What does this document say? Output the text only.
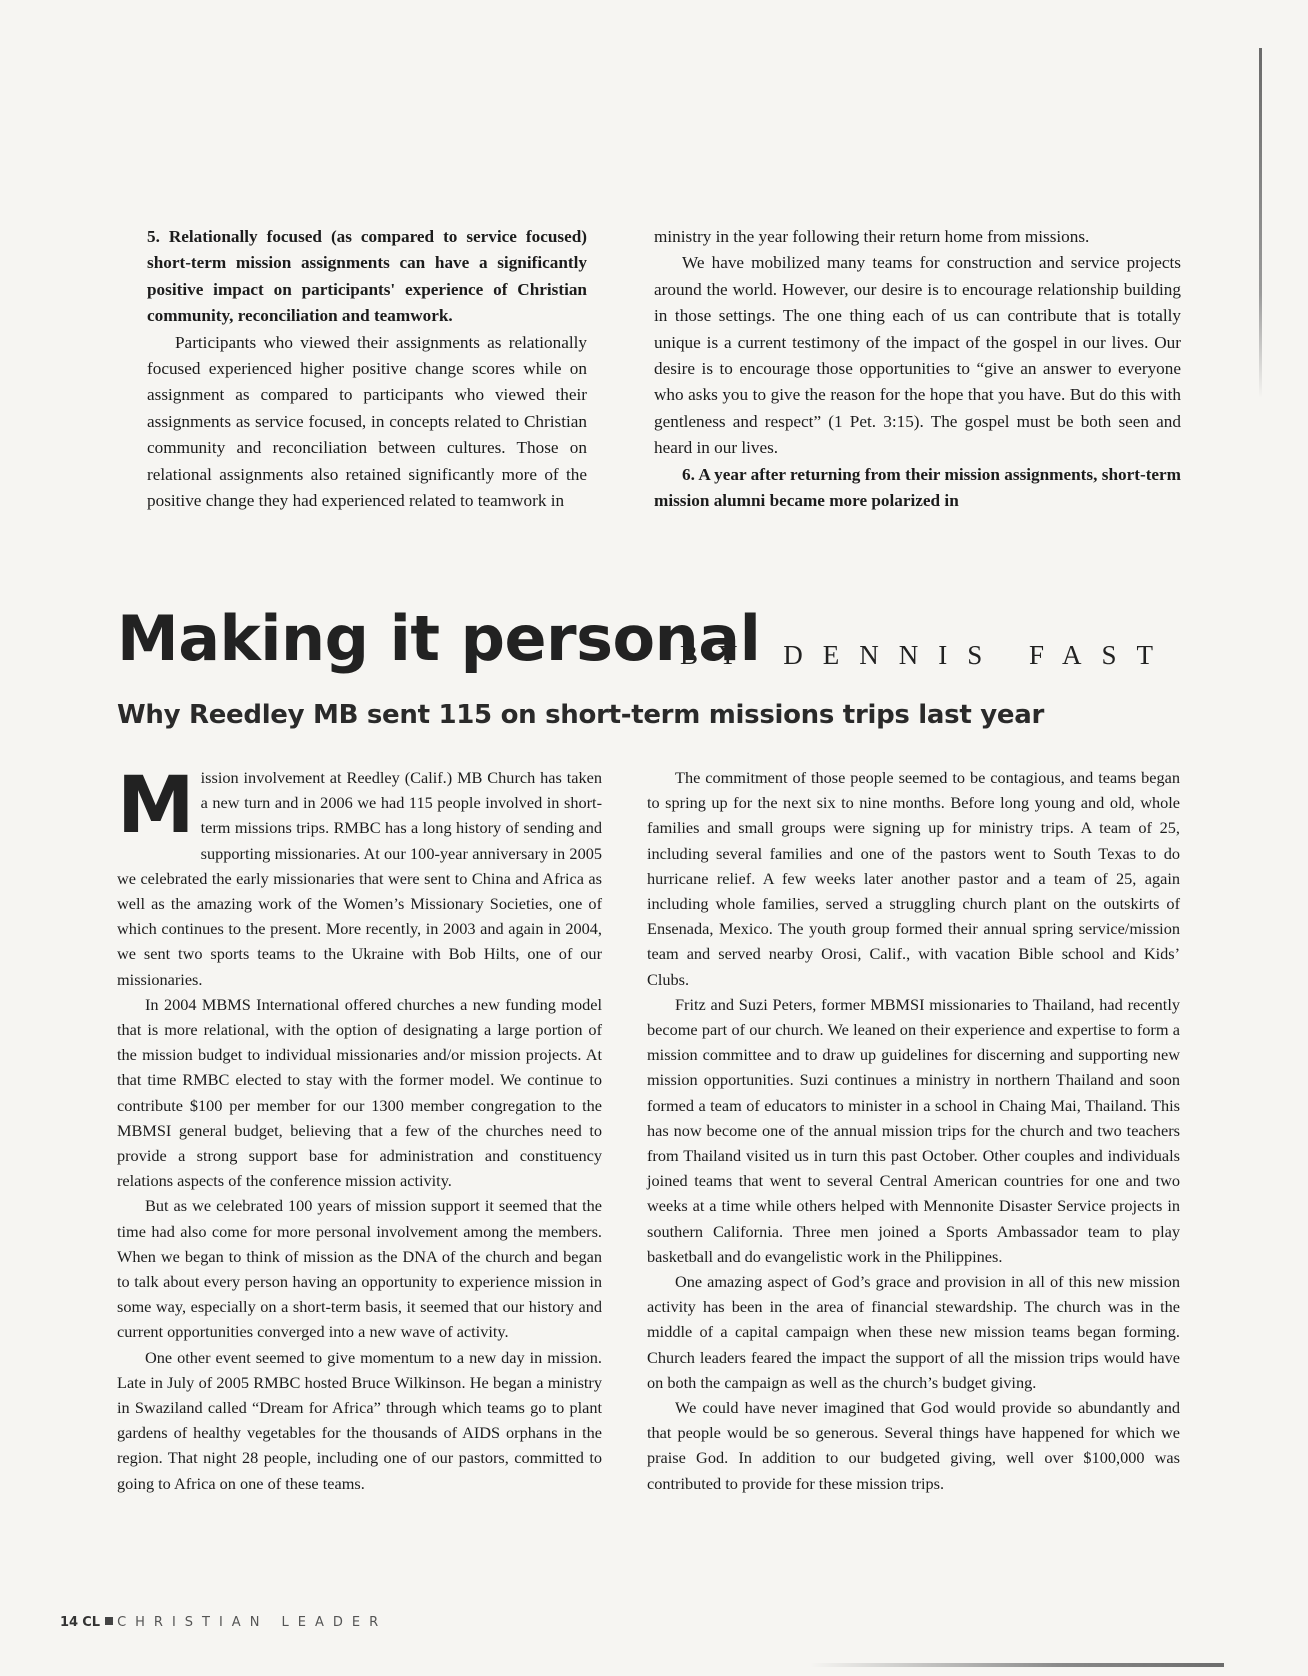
5. Relationally focused (as compared to service focused) short-term mission assignments can have a significantly positive impact on participants' experience of Christian community, reconciliation and teamwork.

Participants who viewed their assignments as relationally focused experienced higher positive change scores while on assignment as compared to participants who viewed their assignments as service focused, in concepts related to Christian community and reconciliation between cultures. Those on relational assignments also retained significantly more of the positive change they had experienced related to teamwork in

ministry in the year following their return home from missions.

We have mobilized many teams for construction and service projects around the world. However, our desire is to encourage relationship building in those settings. The one thing each of us can contribute that is totally unique is a current testimony of the impact of the gospel in our lives. Our desire is to encourage those opportunities to “give an answer to everyone who asks you to give the reason for the hope that you have. But do this with gentleness and respect” (1 Pet. 3:15). The gospel must be both seen and heard in our lives.

6. A year after returning from their mission assignments, short-term mission alumni became more polarized in

Making it personal

BY DENNIS FAST

Why Reedley MB sent 115 on short-term missions trips last year

Mission involvement at Reedley (Calif.) MB Church has taken a new turn and in 2006 we had 115 people involved in short-term missions trips. RMBC has a long history of sending and supporting missionaries. At our 100-year anniversary in 2005 we celebrated the early missionaries that were sent to China and Africa as well as the amazing work of the Women’s Missionary Societies, one of which continues to the present. More recently, in 2003 and again in 2004, we sent two sports teams to the Ukraine with Bob Hilts, one of our missionaries.

In 2004 MBMS International offered churches a new funding model that is more relational, with the option of designating a large portion of the mission budget to individual missionaries and/or mission projects. At that time RMBC elected to stay with the former model. We continue to contribute $100 per member for our 1300 member congregation to the MBMSI general budget, believing that a few of the churches need to provide a strong support base for administration and constituency relations aspects of the conference mission activity.

But as we celebrated 100 years of mission support it seemed that the time had also come for more personal involvement among the members. When we began to think of mission as the DNA of the church and began to talk about every person having an opportunity to experience mission in some way, especially on a short-term basis, it seemed that our history and current opportunities converged into a new wave of activity.

One other event seemed to give momentum to a new day in mission. Late in July of 2005 RMBC hosted Bruce Wilkinson. He began a ministry in Swaziland called “Dream for Africa” through which teams go to plant gardens of healthy vegetables for the thousands of AIDS orphans in the region. That night 28 people, including one of our pastors, committed to going to Africa on one of these teams.

The commitment of those people seemed to be contagious, and teams began to spring up for the next six to nine months. Before long young and old, whole families and small groups were signing up for ministry trips. A team of 25, including several families and one of the pastors went to South Texas to do hurricane relief. A few weeks later another pastor and a team of 25, again including whole families, served a struggling church plant on the outskirts of Ensenada, Mexico. The youth group formed their annual spring service/mission team and served nearby Orosi, Calif., with vacation Bible school and Kids’ Clubs.

Fritz and Suzi Peters, former MBMSI missionaries to Thailand, had recently become part of our church. We leaned on their experience and expertise to form a mission committee and to draw up guidelines for discerning and supporting new mission opportunities. Suzi continues a ministry in northern Thailand and soon formed a team of educators to minister in a school in Chaing Mai, Thailand. This has now become one of the annual mission trips for the church and two teachers from Thailand visited us in turn this past October. Other couples and individuals joined teams that went to several Central American countries for one and two weeks at a time while others helped with Mennonite Disaster Service projects in southern California. Three men joined a Sports Ambassador team to play basketball and do evangelistic work in the Philippines.

One amazing aspect of God’s grace and provision in all of this new mission activity has been in the area of financial stewardship. The church was in the middle of a capital campaign when these new mission teams began forming. Church leaders feared the impact the support of all the mission trips would have on both the campaign as well as the church’s budget giving.

We could have never imagined that God would provide so abundantly and that people would be so generous. Several things have happened for which we praise God. In addition to our budgeted giving, well over $100,000 was contributed to provide for these mission trips.

14 CL CHRISTIAN LEADER
